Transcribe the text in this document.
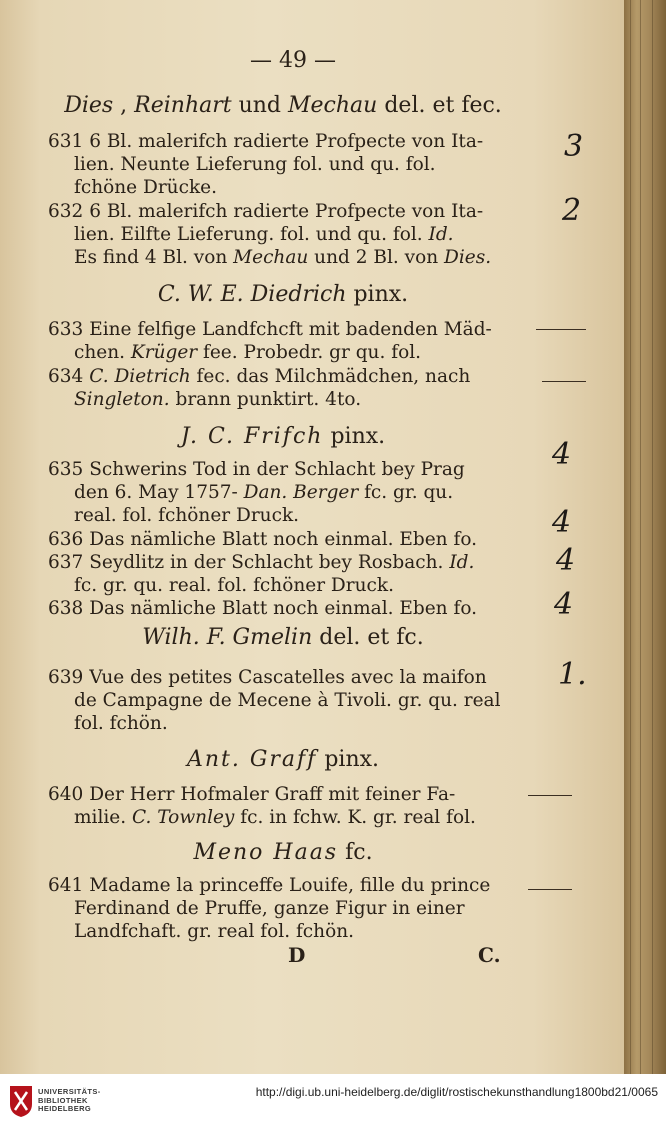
— 49 —
Dies , Reinhart und Mechau del. et fec.
631 6 Bl. malerifch radierte Profpecte von Ita-
lien. Neunte Lieferung fol. und qu. fol.
fchöne Drücke.
632 6 Bl. malerifch radierte Profpecte von Ita-
lien. Eilfte Lieferung. fol. und qu. fol. Id.
Es find 4 Bl. von Mechau und 2 Bl. von Dies.
C. W. E. Diedrich pinx.
633 Eine felfige Landfchcft mit badenden Mäd-
chen. Krüger fee. Probedr. gr qu. fol.
634 C. Dietrich fec. das Milchmädchen, nach
Singleton. brann punktirt. 4to.
J. C. Frifch pinx.
635 Schwerins Tod in der Schlacht bey Prag
den 6. May 1757- Dan. Berger fc. gr. qu.
real. fol. fchöner Druck.
636 Das nämliche Blatt noch einmal. Eben fo.
637 Seydlitz in der Schlacht bey Rosbach. Id.
fc. gr. qu. real. fol. fchöner Druck.
638 Das nämliche Blatt noch einmal. Eben fo.
Wilh. F. Gmelin del. et fc.
639 Vue des petites Cascatelles avec la maifon
de Campagne de Mecene à Tivoli. gr. qu. real
fol. fchön.
Ant. Graff pinx.
640 Der Herr Hofmaler Graff mit feiner Fa-
milie. C. Townley fc. in fchw. K. gr. real fol.
Meno Haas fc.
641 Madame la princeffe Louife, fille du prince
Ferdinand de Pruffe, ganze Figur in einer
Landfchaft. gr. real fol. fchön.
D	C.
3
2
4
4
4
4
1.
UNIVERSITÄTS-
BIBLIOTHEK
HEIDELBERG
http://digi.ub.uni-heidelberg.de/diglit/rostischekunsthandlung1800bd21/0065
